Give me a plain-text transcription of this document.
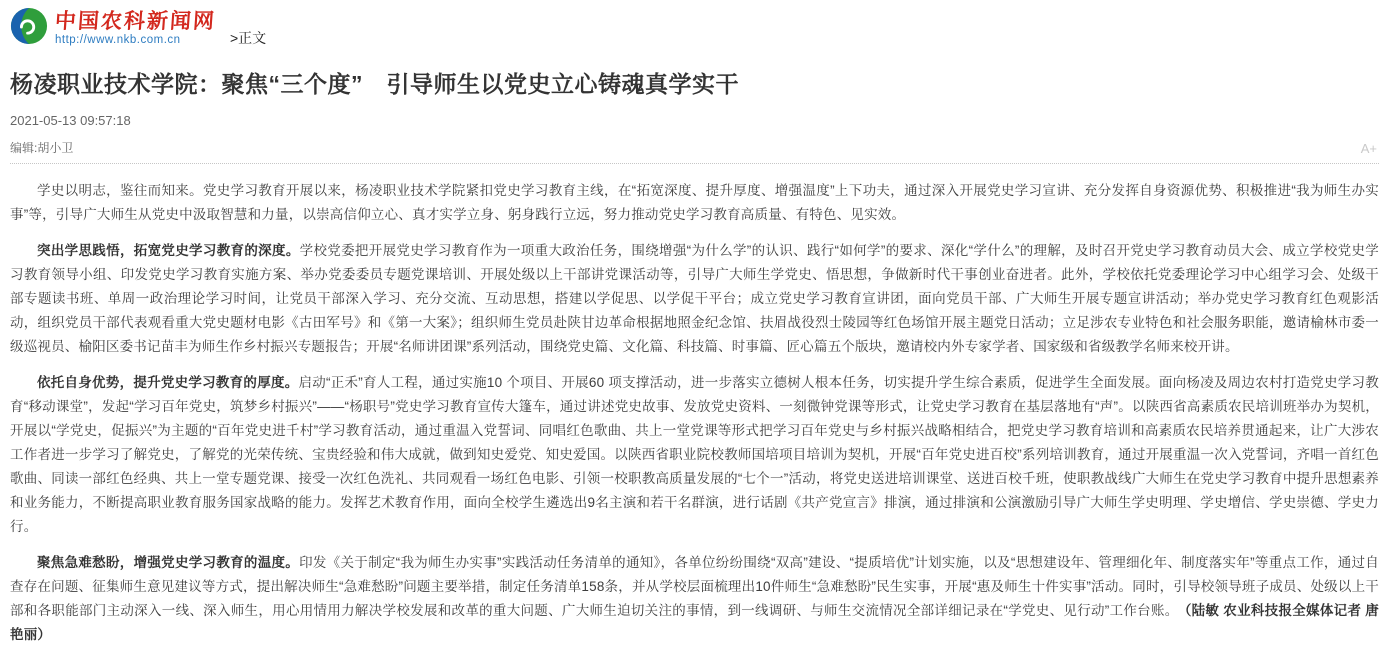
中国农科新闻网
http://www.nkb.com.cn	>正文
杨凌职业技术学院：聚焦“三个度”　引导师生以党史立心铸魂真学实干
2021-05-13 09:57:18
编辑:胡小卫	A+

学史以明志，鉴往而知来。党史学习教育开展以来，杨凌职业技术学院紧扣党史学习教育主线，在“拓宽深度、提升厚度、增强温度”上下功夫，通过深入开展党史学习宣讲、充分发挥自身资源优势、积极推进“我为师生办实事”等，引导广大师生从党史中汲取智慧和力量，以崇高信仰立心、真才实学立身、躬身践行立远，努力推动党史学习教育高质量、有特色、见实效。

突出学思践悟，拓宽党史学习教育的深度。学校党委把开展党史学习教育作为一项重大政治任务，围绕增强“为什么学”的认识、践行“如何学”的要求、深化“学什么”的理解，及时召开党史学习教育动员大会、成立学校党史学习教育领导小组、印发党史学习教育实施方案、举办党委委员专题党课培训、开展处级以上干部讲党课活动等，引导广大师生学党史、悟思想，争做新时代干事创业奋进者。此外，学校依托党委理论学习中心组学习会、处级干部专题读书班、单周一政治理论学习时间，让党员干部深入学习、充分交流、互动思想，搭建以学促思、以学促干平台；成立党史学习教育宣讲团，面向党员干部、广大师生开展专题宣讲活动；举办党史学习教育红色观影活动，组织党员干部代表观看重大党史题材电影《古田军号》和《第一大案》；组织师生党员赴陕甘边革命根据地照金纪念馆、扶眉战役烈士陵园等红色场馆开展主题党日活动；立足涉农专业特色和社会服务职能，邀请榆林市委一级巡视员、榆阳区委书记苗丰为师生作乡村振兴专题报告；开展“名师讲团课”系列活动，围绕党史篇、文化篇、科技篇、时事篇、匠心篇五个版块，邀请校内外专家学者、国家级和省级教学名师来校开讲。

依托自身优势，提升党史学习教育的厚度。启动“正禾”育人工程，通过实施10 个项目、开展60 项支撑活动，进一步落实立德树人根本任务，切实提升学生综合素质，促进学生全面发展。面向杨凌及周边农村打造党史学习教育“移动课堂”，发起“学习百年党史，筑梦乡村振兴”——“杨职号”党史学习教育宣传大篷车，通过讲述党史故事、发放党史资料、一刻微钟党课等形式，让党史学习教育在基层落地有“声”。以陕西省高素质农民培训班举办为契机，开展以“学党史，促振兴”为主题的“百年党史进千村”学习教育活动，通过重温入党誓词、同唱红色歌曲、共上一堂党课等形式把学习百年党史与乡村振兴战略相结合，把党史学习教育培训和高素质农民培养贯通起来，让广大涉农工作者进一步学习了解党史，了解党的光荣传统、宝贵经验和伟大成就，做到知史爱党、知史爱国。以陕西省职业院校教师国培项目培训为契机，开展“百年党史进百校”系列培训教育，通过开展重温一次入党誓词，齐唱一首红色歌曲、同读一部红色经典、共上一堂专题党课、接受一次红色洗礼、共同观看一场红色电影、引领一校职教高质量发展的“七个一”活动，将党史送进培训课堂、送进百校千班，使职教战线广大师生在党史学习教育中提升思想素养和业务能力，不断提高职业教育服务国家战略的能力。发挥艺术教育作用，面向全校学生遴选出9名主演和若干名群演，进行话剧《共产党宣言》排演，通过排演和公演激励引导广大师生学史明理、学史增信、学史崇德、学史力行。

聚焦急难愁盼，增强党史学习教育的温度。印发《关于制定“我为师生办实事”实践活动任务清单的通知》，各单位纷纷围绕“双高”建设、“提质培优”计划实施，以及“思想建设年、管理细化年、制度落实年”等重点工作，通过自查存在问题、征集师生意见建议等方式，提出解决师生“急难愁盼”问题主要举措，制定任务清单158条，并从学校层面梳理出10件师生“急难愁盼”民生实事，开展“惠及师生十件实事”活动。同时，引导校领导班子成员、处级以上干部和各职能部门主动深入一线、深入师生，用心用情用力解决学校发展和改革的重大问题、广大师生迫切关注的事情，到一线调研、与师生交流情况全部详细记录在“学党史、见行动”工作台账。 （陆敏 农业科技报全媒体记者 唐艳丽）
